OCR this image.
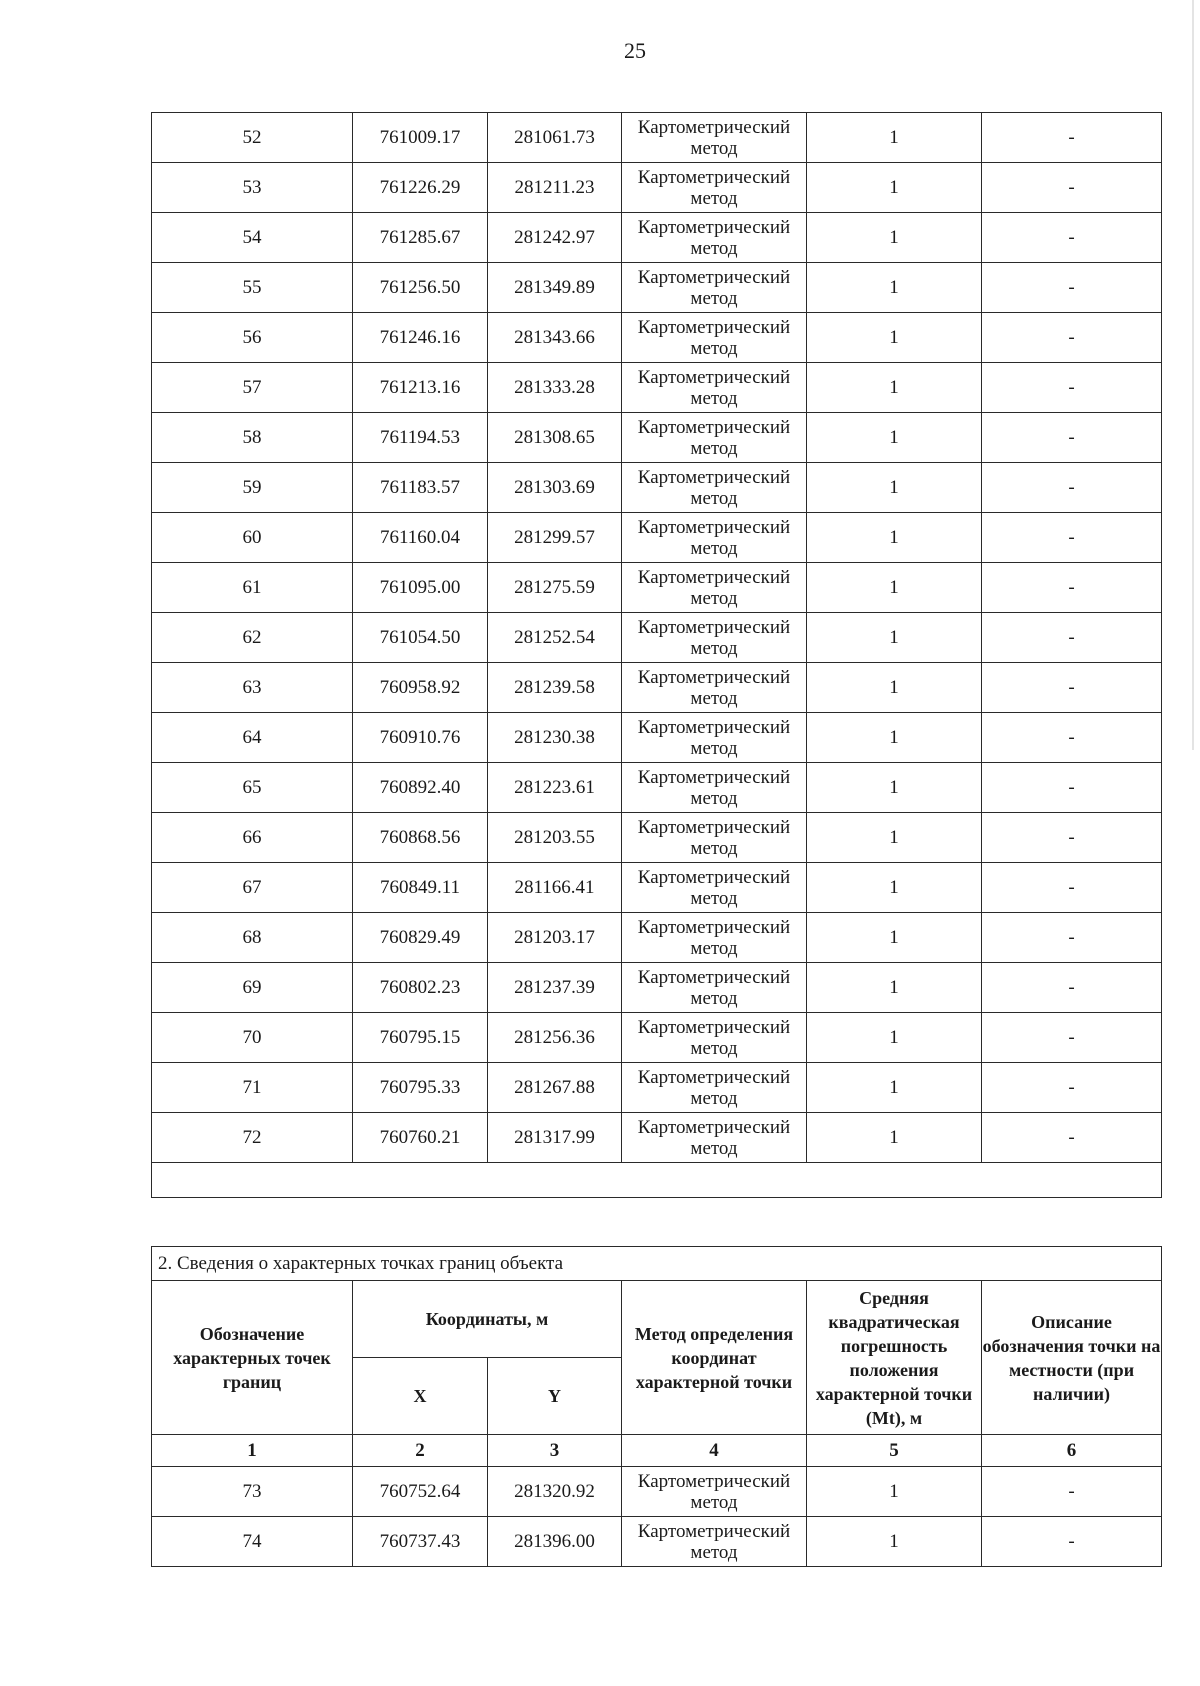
25
52	761009.17	281061.73	Картометрический метод	1	-
53	761226.29	281211.23	Картометрический метод	1	-
54	761285.67	281242.97	Картометрический метод	1	-
55	761256.50	281349.89	Картометрический метод	1	-
56	761246.16	281343.66	Картометрический метод	1	-
57	761213.16	281333.28	Картометрический метод	1	-
58	761194.53	281308.65	Картометрический метод	1	-
59	761183.57	281303.69	Картометрический метод	1	-
60	761160.04	281299.57	Картометрический метод	1	-
61	761095.00	281275.59	Картометрический метод	1	-
62	761054.50	281252.54	Картометрический метод	1	-
63	760958.92	281239.58	Картометрический метод	1	-
64	760910.76	281230.38	Картометрический метод	1	-
65	760892.40	281223.61	Картометрический метод	1	-
66	760868.56	281203.55	Картометрический метод	1	-
67	760849.11	281166.41	Картометрический метод	1	-
68	760829.49	281203.17	Картометрический метод	1	-
69	760802.23	281237.39	Картометрический метод	1	-
70	760795.15	281256.36	Картометрический метод	1	-
71	760795.33	281267.88	Картометрический метод	1	-
72	760760.21	281317.99	Картометрический метод	1	-

2. Сведения о характерных точках границ объекта					
Обозначение характерных точек границ	Координаты, м		Метод определения координат характерной точки	Средняя квадратическая погрешность положения характерной точки (Mt), м	Описание обозначения точки на местности (при наличии)
	X	Y			
1	2	3	4	5	6
73	760752.64	281320.92	Картометрический метод	1	-
74	760737.43	281396.00	Картометрический метод	1	-
